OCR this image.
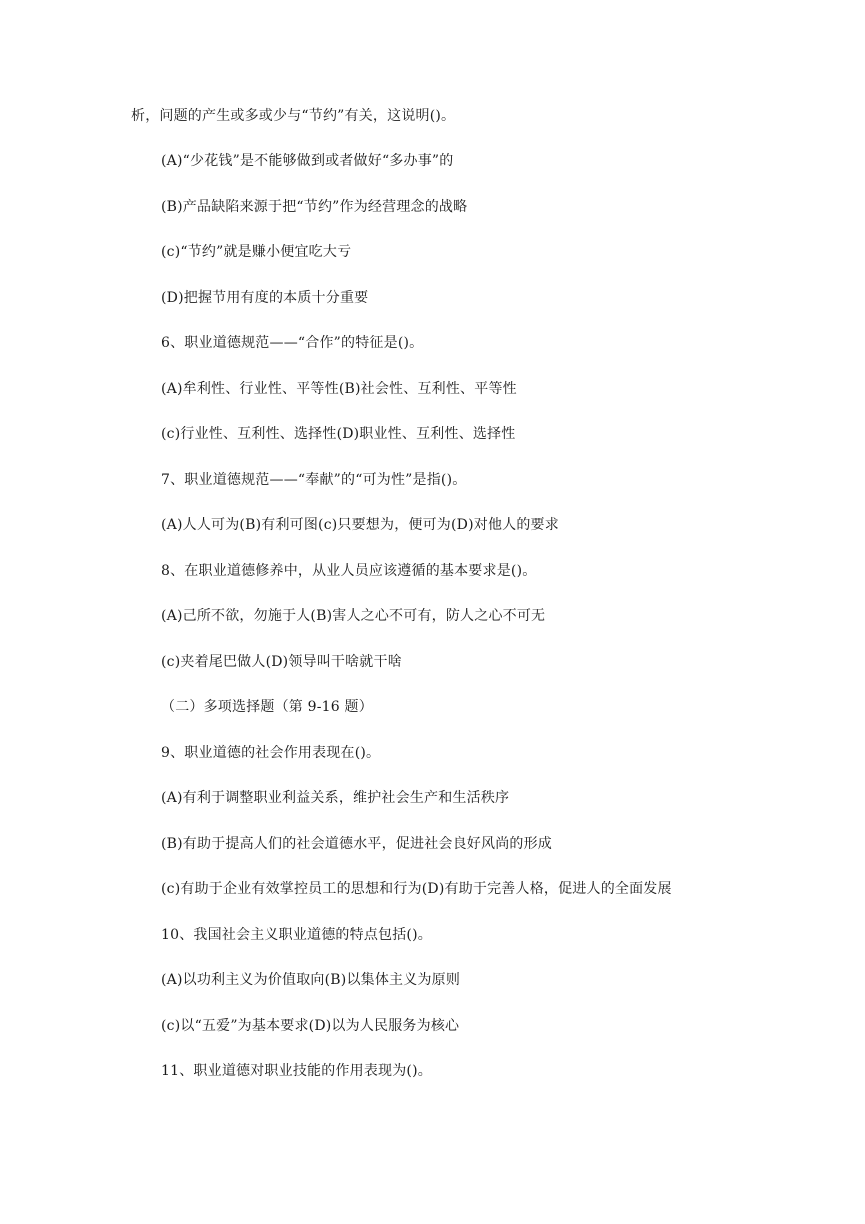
析，问题的产生或多或少与“节约”有关，这说明()。
(A)“少花钱”是不能够做到或者做好“多办事”的
(B)产品缺陷来源于把“节约”作为经营理念的战略
(c)“节约”就是赚小便宜吃大亏
(D)把握节用有度的本质十分重要
6、职业道德规范——“合作”的特征是()。
(A)牟利性、行业性、平等性(B)社会性、互利性、平等性
(c)行业性、互利性、选择性(D)职业性、互利性、选择性
7、职业道德规范——“奉献”的“可为性”是指()。
(A)人人可为(B)有利可图(c)只要想为，便可为(D)对他人的要求
8、在职业道德修养中，从业人员应该遵循的基本要求是()。
(A)己所不欲，勿施于人(B)害人之心不可有，防人之心不可无
(c)夹着尾巴做人(D)领导叫干啥就干啥
（二）多项选择题（第 9-16 题）
9、职业道德的社会作用表现在()。
(A)有利于调整职业利益关系，维护社会生产和生活秩序
(B)有助于提高人们的社会道德水平，促进社会良好风尚的形成
(c)有助于企业有效掌控员工的思想和行为(D)有助于完善人格，促进人的全面发展
10、我国社会主义职业道德的特点包括()。
(A)以功利主义为价值取向(B)以集体主义为原则
(c)以“五爱”为基本要求(D)以为人民服务为核心
11、职业道德对职业技能的作用表现为()。
